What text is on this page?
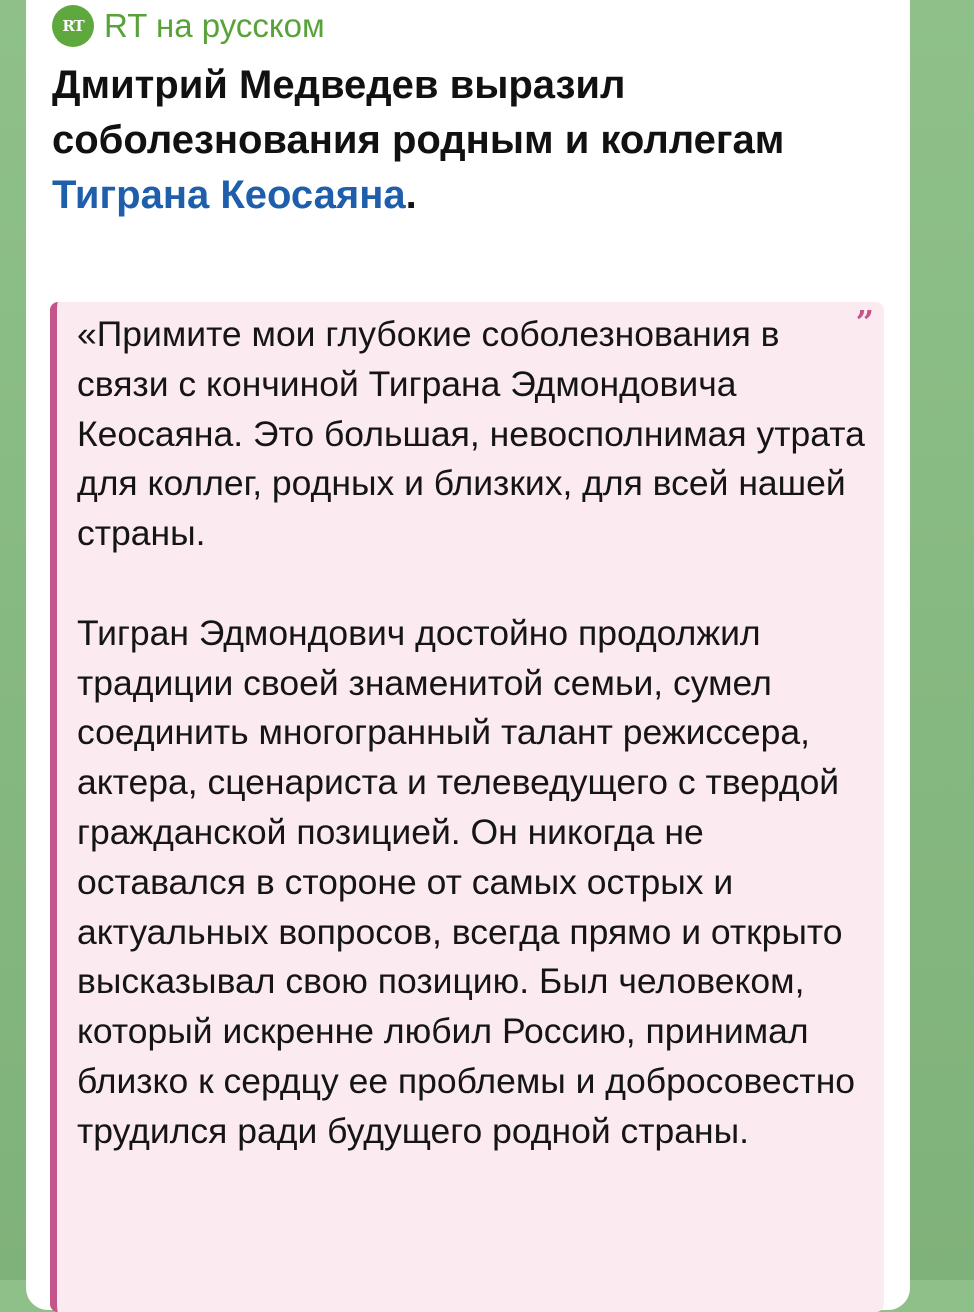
RT RT на русском
Дмитрий Медведев выразил соболезнования родным и коллегам Тиграна Кеосаяна.
”

«Примите мои глубокие соболезнования в связи с кончиной Тиграна Эдмондовича Кеосаяна. Это большая, невосполнимая утрата для коллег, родных и близких, для всей нашей страны.

Тигран Эдмондович достойно продолжил традиции своей знаменитой семьи, сумел соединить многогранный талант режиссера, актера, сценариста и телеведущего с твердой гражданской позицией. Он никогда не оставался в стороне от самых острых и актуальных вопросов, всегда прямо и открыто высказывал свою позицию. Был человеком, который искренне любил Россию, принимал близко к сердцу ее проблемы и добросовестно трудился ради будущего родной страны.
